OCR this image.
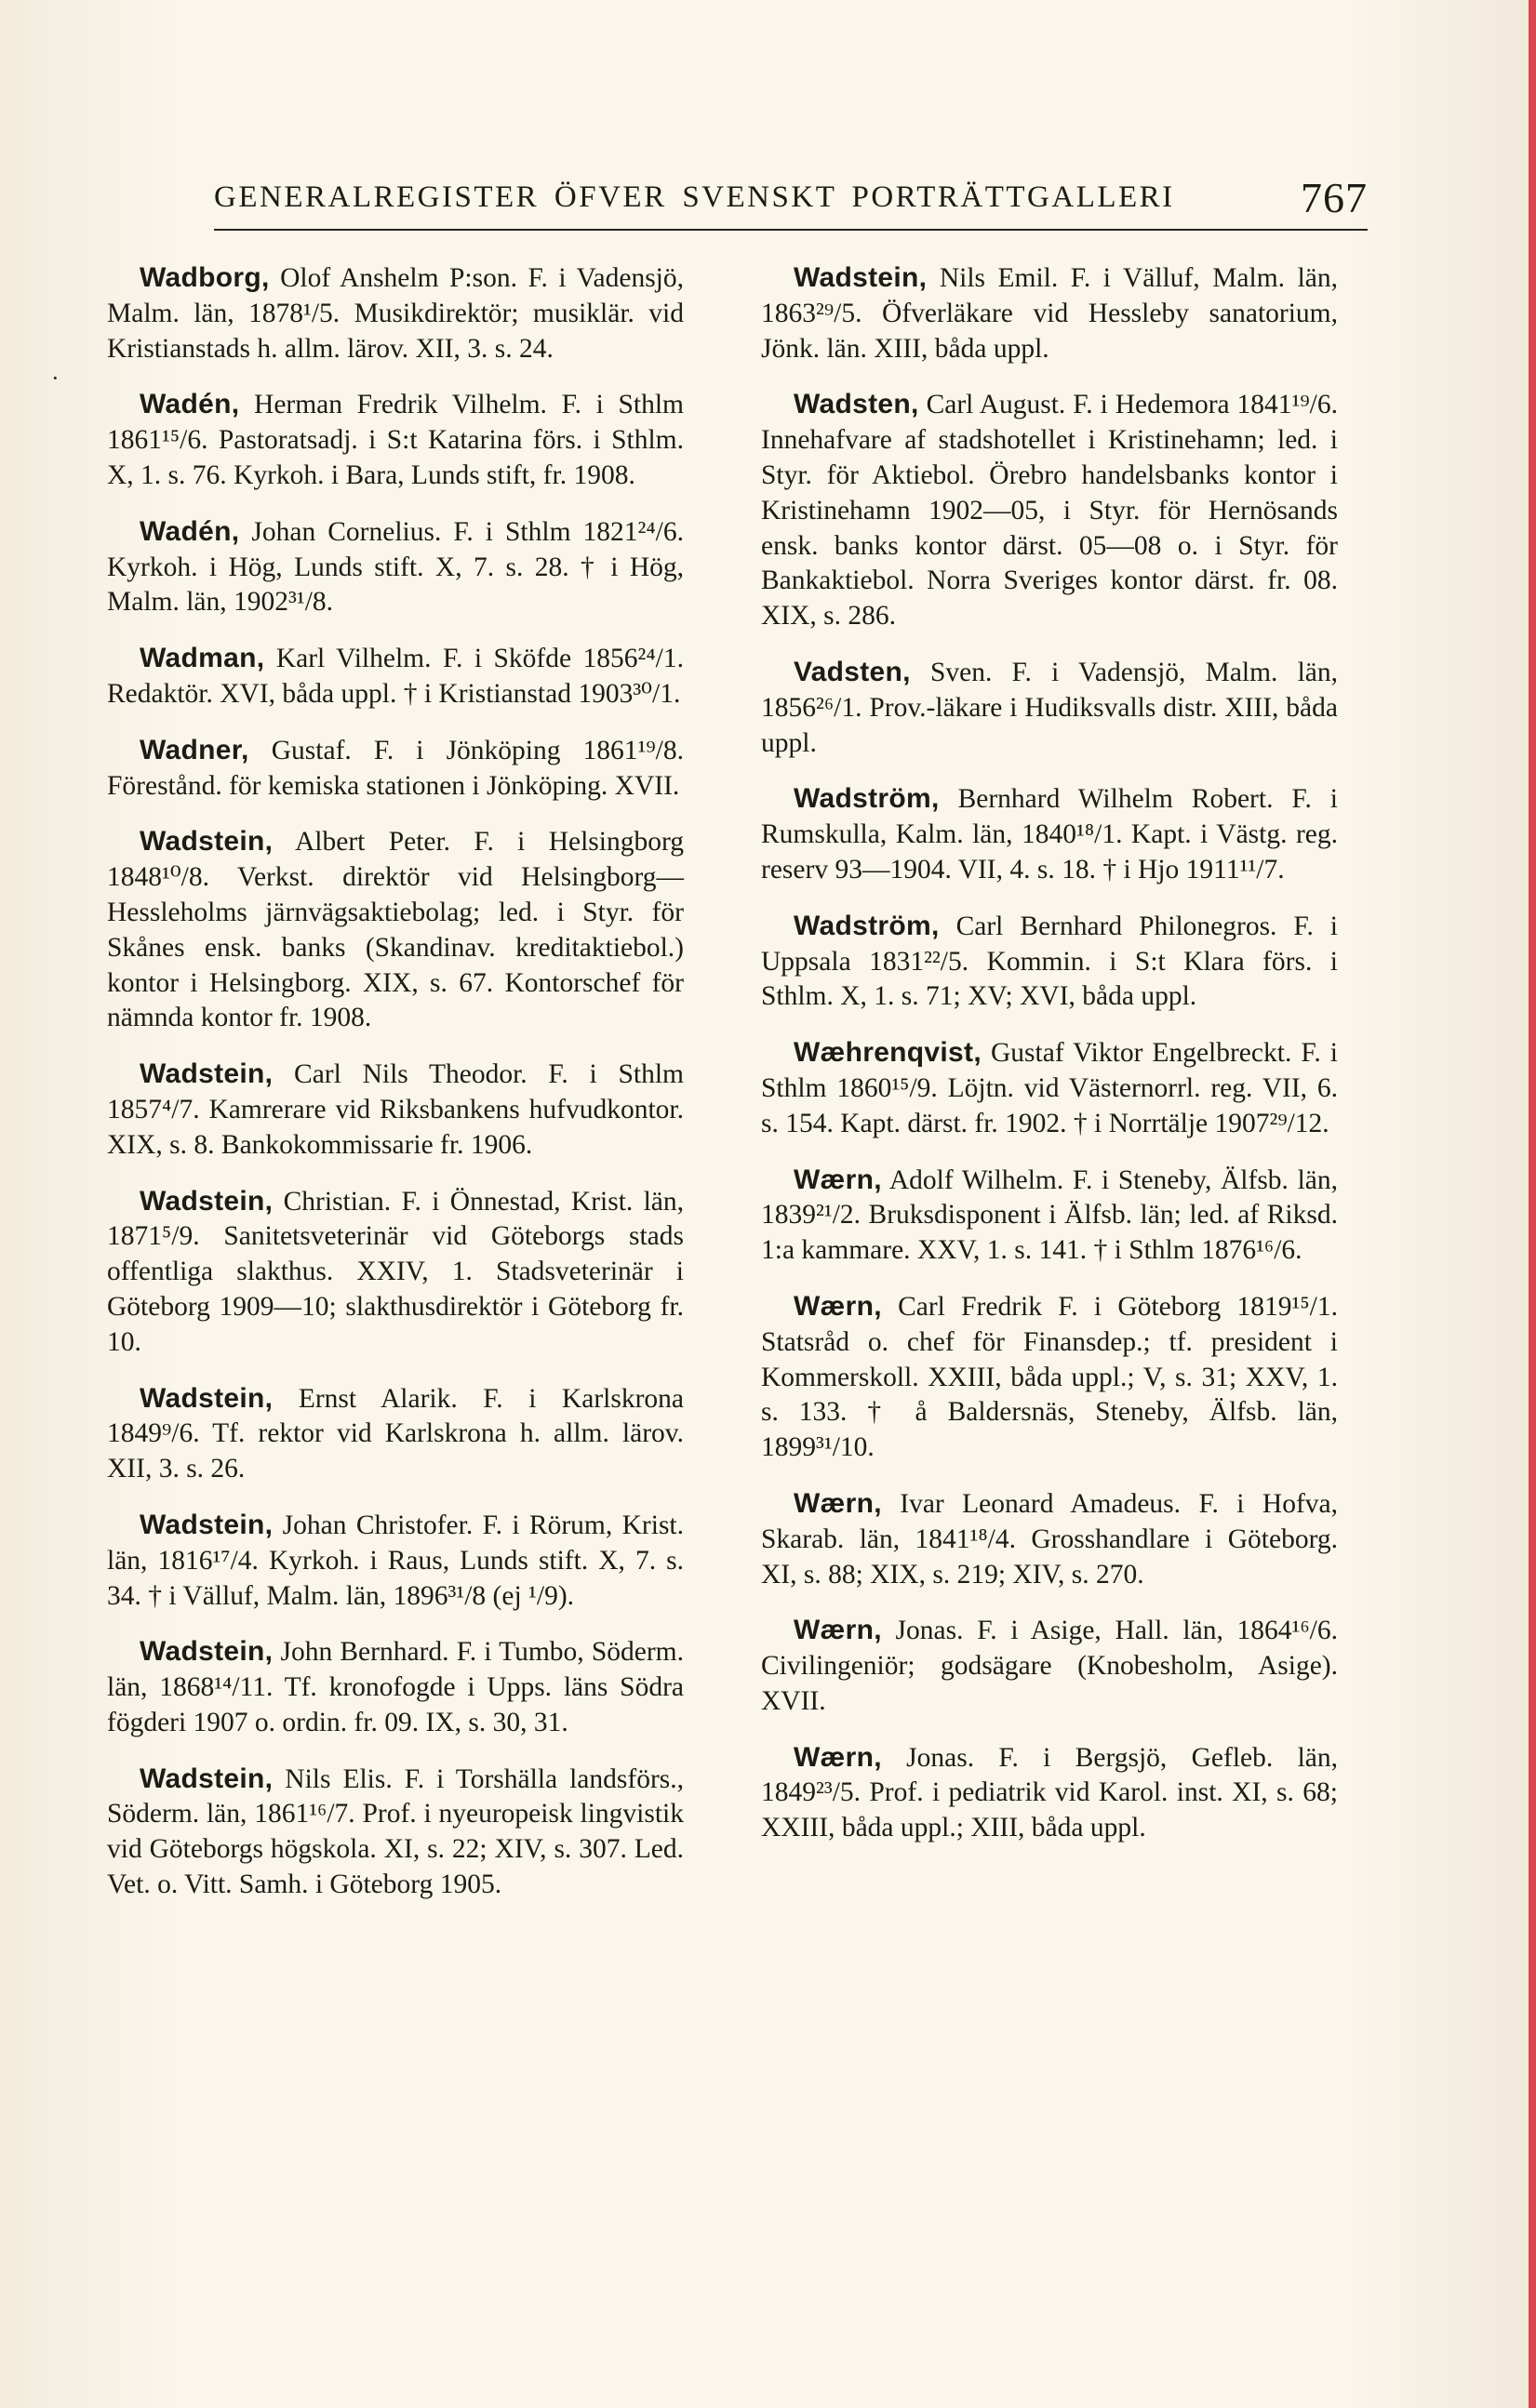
GENERALREGISTER ÖFVER SVENSKT PORTRÄTTGALLERI	767
·

Wadborg, Olof Anshelm P:son. F. i Vadensjö, Malm. län, 1878¹/5. Musikdirektör; musiklär. vid Kristianstads h. allm. lärov. XII, 3. s. 24.

Wadén, Herman Fredrik Vilhelm. F. i Sthlm 1861¹⁵/6. Pastoratsadj. i S:t Katarina förs. i Sthlm. X, 1. s. 76. Kyrkoh. i Bara, Lunds stift, fr. 1908.

Wadén, Johan Cornelius. F. i Sthlm 1821²⁴/6. Kyrkoh. i Hög, Lunds stift. X, 7. s. 28. † i Hög, Malm. län, 1902³¹/8.

Wadman, Karl Vilhelm. F. i Sköfde 1856²⁴/1. Redaktör. XVI, båda uppl. † i Kristianstad 1903³⁰/1.

Wadner, Gustaf. F. i Jönköping 1861¹⁹/8. Förestånd. för kemiska stationen i Jönköping. XVII.

Wadstein, Albert Peter. F. i Helsingborg 1848¹⁰/8. Verkst. direktör vid Helsingborg—Hessleholms järnvägsaktiebolag; led. i Styr. för Skånes ensk. banks (Skandinav. kreditaktiebol.) kontor i Helsingborg. XIX, s. 67. Kontorschef för nämnda kontor fr. 1908.

Wadstein, Carl Nils Theodor. F. i Sthlm 1857⁴/7. Kamrerare vid Riksbankens hufvudkontor. XIX, s. 8. Bankokommissarie fr. 1906.

Wadstein, Christian. F. i Önnestad, Krist. län, 1871⁵/9. Sanitetsveterinär vid Göteborgs stads offentliga slakthus. XXIV, 1. Stadsveterinär i Göteborg 1909—10; slakthusdirektör i Göteborg fr. 10.

Wadstein, Ernst Alarik. F. i Karlskrona 1849⁹/6. Tf. rektor vid Karlskrona h. allm. lärov. XII, 3. s. 26.

Wadstein, Johan Christofer. F. i Rörum, Krist. län, 1816¹⁷/4. Kyrkoh. i Raus, Lunds stift. X, 7. s. 34. † i Välluf, Malm. län, 1896³¹/8 (ej ¹/9).

Wadstein, John Bernhard. F. i Tumbo, Söderm. län, 1868¹⁴/11. Tf. kronofogde i Upps. läns Södra fögderi 1907 o. ordin. fr. 09. IX, s. 30, 31.

Wadstein, Nils Elis. F. i Torshälla landsförs., Söderm. län, 1861¹⁶/7. Prof. i nyeuropeisk lingvistik vid Göteborgs högskola. XI, s. 22; XIV, s. 307. Led. Vet. o. Vitt. Samh. i Göteborg 1905.

Wadstein, Nils Emil. F. i Välluf, Malm. län, 1863²⁹/5. Öfverläkare vid Hessleby sanatorium, Jönk. län. XIII, båda uppl.

Wadsten, Carl August. F. i Hedemora 1841¹⁹/6. Innehafvare af stadshotellet i Kristinehamn; led. i Styr. för Aktiebol. Örebro handelsbanks kontor i Kristinehamn 1902—05, i Styr. för Hernösands ensk. banks kontor därst. 05—08 o. i Styr. för Bankaktiebol. Norra Sveriges kontor därst. fr. 08. XIX, s. 286.

Vadsten, Sven. F. i Vadensjö, Malm. län, 1856²⁶/1. Prov.-läkare i Hudiksvalls distr. XIII, båda uppl.

Wadström, Bernhard Wilhelm Robert. F. i Rumskulla, Kalm. län, 1840¹⁸/1. Kapt. i Västg. reg. reserv 93—1904. VII, 4. s. 18. † i Hjo 1911¹¹/7.

Wadström, Carl Bernhard Philonegros. F. i Uppsala 1831²²/5. Kommin. i S:t Klara förs. i Sthlm. X, 1. s. 71; XV; XVI, båda uppl.

Wæhrenqvist, Gustaf Viktor Engelbreckt. F. i Sthlm 1860¹⁵/9. Löjtn. vid Västernorrl. reg. VII, 6. s. 154. Kapt. därst. fr. 1902. † i Norrtälje 1907²⁹/12.

Wærn, Adolf Wilhelm. F. i Steneby, Älfsb. län, 1839²¹/2. Bruksdisponent i Älfsb. län; led. af Riksd. 1:a kammare. XXV, 1. s. 141. † i Sthlm 1876¹⁶/6.

Wærn, Carl Fredrik F. i Göteborg 1819¹⁵/1. Statsråd o. chef för Finansdep.; tf. president i Kommerskoll. XXIII, båda uppl.; V, s. 31; XXV, 1. s. 133. † å Baldersnäs, Steneby, Älfsb. län, 1899³¹/10.

Wærn, Ivar Leonard Amadeus. F. i Hofva, Skarab. län, 1841¹⁸/4. Grosshandlare i Göteborg. XI, s. 88; XIX, s. 219; XIV, s. 270.

Wærn, Jonas. F. i Asige, Hall. län, 1864¹⁶/6. Civilingeniör; godsägare (Knobesholm, Asige). XVII.

Wærn, Jonas. F. i Bergsjö, Gefleb. län, 1849²³/5. Prof. i pediatrik vid Karol. inst. XI, s. 68; XXIII, båda uppl.; XIII, båda uppl.
